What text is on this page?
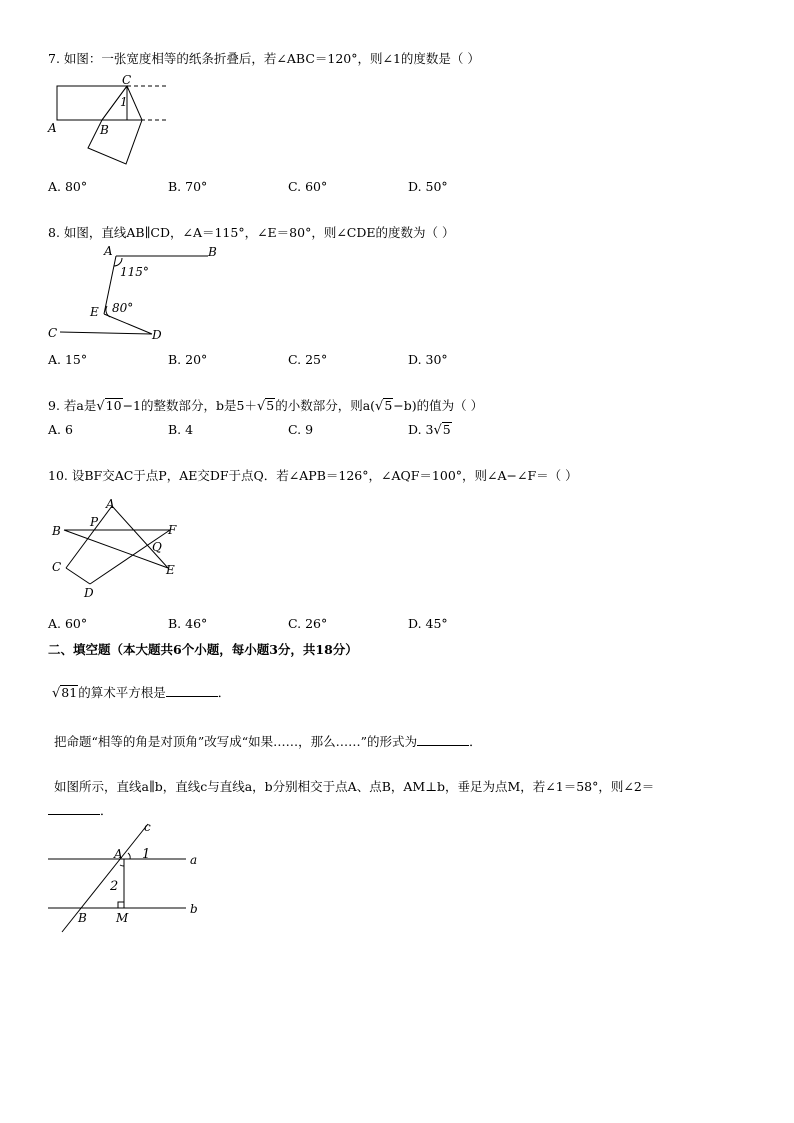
7. 如图：一张宽度相等的纸条折叠后，若∠ABC＝120°，则∠1的度数是（ ）
C
A	B
1
A. 80°	B. 70°	C. 60°	D. 50°
8. 如图，直线AB∥CD，∠A＝115°，∠E＝80°，则∠CDE的度数为（ ）
A	B
C	D
E
115°
80°
A. 15°	B. 20°	C. 25°	D. 30°
9. 若a是√10−1的整数部分，b是5＋√5的小数部分，则a(√5−b)的值为（ ）
A. 6	B. 4	C. 9	D. 3√5
10. 设BF交AC于点P，AE交DF于点Q．若∠APB＝126°，∠AQF＝100°，则∠A−∠F＝（ ）
A
B
C
D
E
F
P
Q
A. 60°	B. 46°	C. 26°	D. 45°
二、填空题（本大题共6个小题，每小题3分，共18分）
√81的算术平方根是	．
把命题“相等的角是对顶角”改写成“如果……，那么……”的形式为	．
如图所示，直线a∥b，直线c与直线a，b分别相交于点A、点B，AM⊥b，垂足为点M，若∠1＝58°，则∠2＝
．
c
a
b
A
B M
1
2
